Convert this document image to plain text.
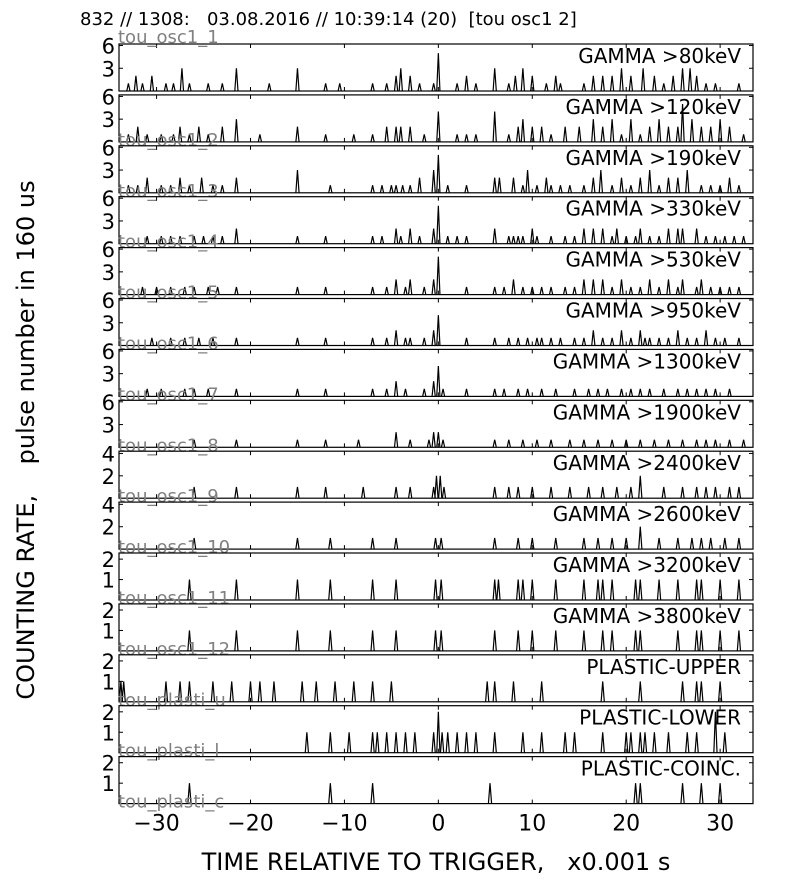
832 // 1308:   03.08.2016 // 10:39:14 (20)  [tou osc1 2]
3
6	GAMMA >80keV
tou_osc1_1
3
6	GAMMA >120keV
tou_osc1_2
3
6	GAMMA >190keV
tou_osc1_3
3
6	GAMMA >330keV
tou_osc1_4
3
6	GAMMA >530keV
tou_osc1_5
3
6	GAMMA >950keV
tou_osc1_6
3
6	GAMMA >1300keV
tou_osc1_7
3
6	GAMMA >1900keV
tou_osc1_8
2
4	GAMMA >2400keV
tou_osc1_9
2
4	GAMMA >2600keV
tou_osc1_10
1
2	GAMMA >3200keV
tou_osc1_11
1
2	GAMMA >3800keV
tou_osc1_12
1
2	PLASTIC-UPPER
tou_plasti_u
1
2	PLASTIC-LOWER
tou_plasti_l
1
2	PLASTIC-COINC.
tou_plasti_c
−30 −20 −10	0	10	20	30
COUNTING RATE,    pulse number in 160 us
TIME RELATIVE TO TRIGGER,   x0.001 s
